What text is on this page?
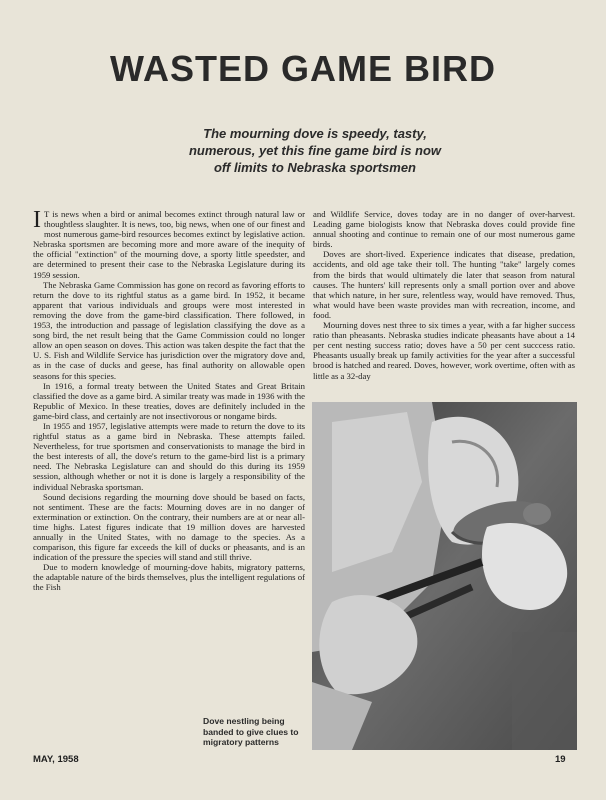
WASTED GAME BIRD
The mourning dove is speedy, tasty, numerous, yet this fine game bird is now off limits to Nebraska sportsmen

I T is news when a bird or animal becomes extinct through natural law or thoughtless slaughter. It is news, too, big news, when one of our finest and most numerous game-bird resources becomes extinct by legislative action. Nebraska sportsmen are becoming more and more aware of the inequity of the official "extinction" of the mourning dove, a sporty little speedster, and are determined to present their case to the Nebraska Legislature during its 1959 session.

The Nebraska Game Commission has gone on record as favoring efforts to return the dove to its rightful status as a game bird. In 1952, it became apparent that various individuals and groups were most interested in removing the dove from the game-bird classification. There followed, in 1953, the introduction and passage of legislation classifying the dove as a song bird, the net result being that the Game Commission could no longer allow an open season on doves. This action was taken despite the fact that the U. S. Fish and Wildlife Service has jurisdiction over the migratory dove and, as in the case of ducks and geese, has final authority on allowable open seasons for this species.

In 1916, a formal treaty between the United States and Great Britain classified the dove as a game bird. A similar treaty was made in 1936 with the Republic of Mexico. In these treaties, doves are definitely included in the game-bird class, and certainly are not insectivorous or nongame birds.

In 1955 and 1957, legislative attempts were made to return the dove to its rightful status as a game bird in Nebraska. These attempts failed. Nevertheless, for true sportsmen and conservationists to manage the bird in the best interests of all, the dove's return to the game-bird list is a primary need. The Nebraska Legislature can and should do this during its 1959 session, although whether or not it is done is largely a responsibility of the individual Nebraska sportsman.

Sound decisions regarding the mourning dove should be based on facts, not sentiment. These are the facts: Mourning doves are in no danger of extermination or extinction. On the contrary, their numbers are at or near all-time highs. Latest figures indicate that 19 million doves are harvested annually in the United States, with no damage to the species. As a comparison, this figure far exceeds the kill of ducks or pheasants, and is an indication of the pressure the species will stand and still thrive.

Due to modern knowledge of mourning-dove habits, migratory patterns, the adaptable nature of the birds themselves, plus the intelligent regulations of the Fish

and Wildlife Service, doves today are in no danger of over-harvest. Leading game biologists know that Nebraska doves could provide fine annual shooting and continue to remain one of our most numerous game birds.

Doves are short-lived. Experience indicates that disease, predation, accidents, and old age take their toll. The hunting "take" largely comes from the birds that would ultimately die later that season from natural causes. The hunters' kill represents only a small portion over and above that which nature, in her sure, relentless way, would have removed. Thus, what would have been waste provides man with recreation, income, and food.

Mourning doves nest three to six times a year, with a far higher success ratio than pheasants. Nebraska studies indicate pheasants have about a 14 per cent nesting success ratio; doves have a 50 per cent succcess ratio. Pheasants usually break up family activities for the year after a successful brood is hatched and reared. Doves, however, work overtime, often with as little as a 32-day

Dove nestling being banded to give clues to migratory patterns
MAY, 1958	19
